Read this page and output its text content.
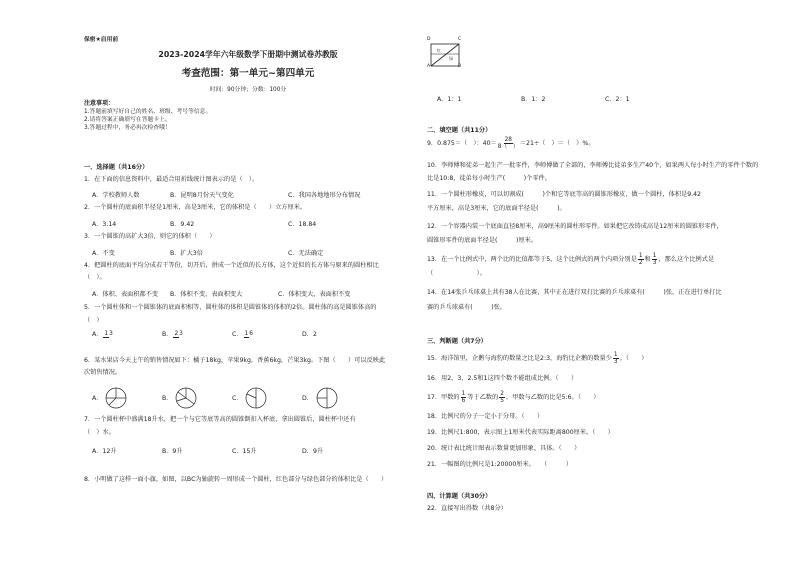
保密★启用前
2023-2024学年六年级数学下册期中测试卷苏教版
考查范围：第一单元~第四单元
时间：90分钟；分数：100分
注意事项：
1.答题前填写好自己的姓名、班级、考号等信息。
2.请将答案正确填写在答题卡上。
3.答题过程中，务必再次检查哦！
一、选择题（共16分）
1．在下面的信息资料中，最适合用折线统计图表示的是（　）。
A．学校教师人数	B．昆明8月份天气变化	C．我国各地地形分布情况
2．一个圆柱的底面积半径是1厘米，高是3厘米，它的体积是（　　）立方厘米。
A．3.14	B．9.42	C．18.84
3．一个圆锥的高扩大3倍，则它的体积（　　）
A．不变	B．扩大3倍	C．无法确定
4．把圆柱的底面平均分成若干等份，切开后，拼成一个近似的长方体，这个近似的长方体与原来的圆柱相比
（　）。
A．体积、表面积都不变	B．体积不变、表面积变大	C．体积变大，表面积不变
5．一个圆柱体和一个圆锥体的底面积相等，圆柱体的体积是圆锥体的体积的2倍。圆柱体的高是圆锥体高的
（　）
A． 13	B． 23	C． 16	D．2
6．某水果店今天上午的销售情况如下：橘子18kg，苹果9kg，香蕉6kg，芒果3kg。下图（　　）可以反映此
次销售情况。
A．	B．	C．	D．
7．一个圆柱杯中盛满18升水，把一个与它等底等高的圆锥倒扣入杯底，拿出圆锥后，圆柱杯中还有
（　）水。
A．12升	B．9升	C．15升	D．9升
8．小明做了这样一面小旗，如图，以BC为轴旋转一周形成一个圆柱，红色部分与绿色部分的体积比是（　　）
D	C
A	B
红
绿
A．1：1	B．1：2	C．2：1
二、填空题（共11分）
9．0.875＝（　）：$40= \frac{28}{8( )} =21\div$（　）＝（　）%。
10．李师傅和徒弟一起生产一批零件，李师傅做了全部的，李师傅比徒弟多生产40个，如果两人每小时生产的零件个数的
比是10:8，徒弟每小时生产(　　　)个零件。
11．一个圆柱形橡皮，可以切割成(　　　)个和它等底等高的圆锥形橡皮，做一个圆柱，体积是9.42
平方厘米，高是3厘米，它的底面半径是(　　　)。
12．一个容器内装一个底面直径8厘米，高9厘米的圆柱形零件。如果把它改铸成高是12厘米的圆锥形零件，
圆锥形零件的底面半径是(　　　)厘米。
13．在一个比例式中，两个比的比值都等于5，这个比例式的两个内项分别是 $\frac{1}{2}$ 和 $\frac{1}{3}$ ，那么这个比例式是
（　　　　　　　）。
14．在14张乒乓球桌上共有38人在比赛，其中正在进行双打比赛的乒乓球桌有(　　　)张，正在进行单打比
赛的乒乓球桌有(　　　)张。
三、判断题（共7分）
15．海洋馆里，企鹅与海豹的数量之比是2:3，海豹比企鹅的数量少 $\frac{1}{3}$ 。（　　）
16．用2，3，2.5和1这四个数不能组成比例。（　　）
17．甲数的 $\frac{1}{6}$ 等于乙数的 $\frac{2}{5}$ ，甲数与乙数的比是5:6。（　　）
18．比例尺的分子一定小于分母。（　　）
19．比例尺1:800，表示图上1厘米代表实际距离800厘米。（　　）
20．统计表比统计图表示数量更加形象、具体。（　　）
21．一幅图的比例尺是1:20000厘米。　　（　　　）
四、计算题（共30分）
22．直接写出得数（共8分）
